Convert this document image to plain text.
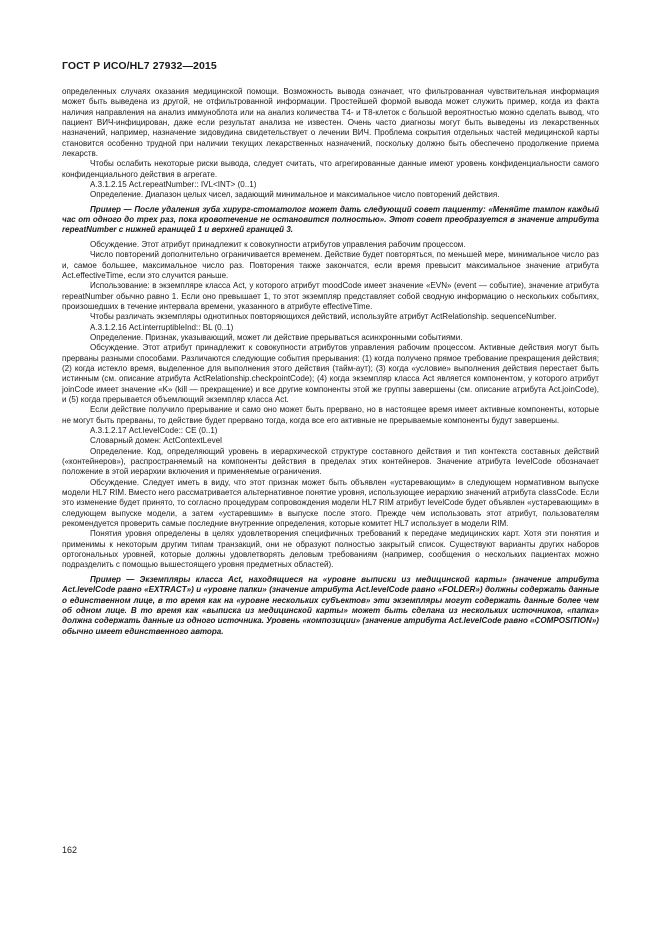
ГОСТ Р ИСО/HL7 27932—2015

определенных случаях оказания медицинской помощи. Возможность вывода означает, что фильтрованная чувствительная информация может быть выведена из другой, не отфильтрованной информации. Простейшей формой вывода может служить пример, когда из факта наличия направления на анализ иммуноблота или на анализ количества Т4- и Т8-клеток с большой вероятностью можно сделать вывод, что пациент ВИЧ-инфицирован, даже если результат анализа не известен. Очень часто диагнозы могут быть выведены из лекарственных назначений, например, назначение зидовудина свидетельствует о лечении ВИЧ. Проблема сокрытия отдельных частей медицинской карты становится особенно трудной при наличии текущих лекарственных назначений, поскольку должно быть обеспечено продолжение приема лекарств.

Чтобы ослабить некоторые риски вывода, следует считать, что агрегированные данные имеют уровень конфиденциальности самого конфиденциального действия в агрегате.

А.3.1.2.15 Act.repeatNumber:: IVL<INT> (0..1)

Определение. Диапазон целых чисел, задающий минимальное и максимальное число повторений действия.

Пример — После удаления зуба хирург-стоматолог может дать следующий совет пациенту: «Меняйте тампон каждый час от одного до трех раз, пока кровотечение не остановится полностью». Этот совет преобразуется в значение атрибута repeatNumber с нижней границей 1 и верхней границей 3.

Обсуждение. Этот атрибут принадлежит к совокупности атрибутов управления рабочим процессом.

Число повторений дополнительно ограничивается временем. Действие будет повторяться, по меньшей мере, минимальное число раз и, самое большее, максимальное число раз. Повторения также закончатся, если время превысит максимальное значение атрибута Act.effectiveTime, если это случится раньше.

Использование: в экземпляре класса Act, у которого атрибут moodCode имеет значение «EVN» (event — событие), значение атрибута repeatNumber обычно равно 1. Если оно превышает 1, то этот экземпляр представляет собой сводную информацию о нескольких событиях, произошедших в течение интервала времени, указанного в атрибуте effectiveTime.

Чтобы различать экземпляры однотипных повторяющихся действий, используйте атрибут ActRelationship. sequenceNumber.

А.3.1.2.16 Act.interruptibleInd:: BL (0..1)

Определение. Признак, указывающий, может ли действие прерываться асинхронными событиями.

Обсуждение. Этот атрибут принадлежит к совокупности атрибутов управления рабочим процессом. Активные действия могут быть прерваны разными способами. Различаются следующие события прерывания: (1) когда получено прямое требование прекращения действия; (2) когда истекло время, выделенное для выполнения этого действия (тайм-аут); (3) когда «условие» выполнения действия перестает быть истинным (см. описание атрибута ActRelationship.checkpointCode); (4) когда экземпляр класса Act является компонентом, у которого атрибут joinCode имеет значение «K» (kill — прекращение) и все другие компоненты этой же группы завершены (см. описание атрибута Act.joinCode), и (5) когда прерывается объемлющий экземпляр класса Act.

Если действие получило прерывание и само оно может быть прервано, но в настоящее время имеет активные компоненты, которые не могут быть прерваны, то действие будет прервано тогда, когда все его активные не прерываемые компоненты будут завершены.

А.3.1.2.17 Act.levelCode:: CE (0..1)

Словарный домен: ActContextLevel

Определение. Код, определяющий уровень в иерархической структуре составного действия и тип контекста составных действий («контейнеров»), распространяемый на компоненты действия в пределах этих контейнеров. Значение атрибута levelCode обозначает положение в этой иерархии включения и применяемые ограничения.

Обсуждение. Следует иметь в виду, что этот признак может быть объявлен «устаревающим» в следующем нормативном выпуске модели HL7 RIM. Вместо него рассматривается альтернативное понятие уровня, использующее иерархию значений атрибута classCode. Если это изменение будет принято, то согласно процедурам сопровождения модели HL7 RIM атрибут levelCode будет объявлен «устаревающим» в следующем выпуске модели, а затем «устаревшим» в выпуске после этого. Прежде чем использовать этот атрибут, пользователям рекомендуется проверить самые последние внутренние определения, которые комитет HL7 использует в модели RIM.

Понятия уровня определены в целях удовлетворения специфичных требований к передаче медицинских карт. Хотя эти понятия и применимы к некоторым другим типам транзакций, они не образуют полностью закрытый список. Существуют варианты других наборов ортогональных уровней, которые должны удовлетворять деловым требованиям (например, сообщения о нескольких пациентах можно подразделить с помощью вышестоящего уровня предметных областей).

Пример — Экземпляры класса Act, находящиеся на «уровне выписки из медицинской карты» (значение атрибута Act.levelCode равно «EXTRACT») и «уровне папки» (значение атрибута Act.levelCode равно «FOLDER») должны содержать данные о единственном лице, в то время как на «уровне нескольких субъектов» эти экземпляры могут содержать данные более чем об одном лице. В то время как «выписка из медицинской карты» может быть сделана из нескольких источников, «папка» должна содержать данные из одного источника. Уровень «композиции» (значение атрибута Act.levelCode равно «COMPOSITION») обычно имеет единственного автора.

162
